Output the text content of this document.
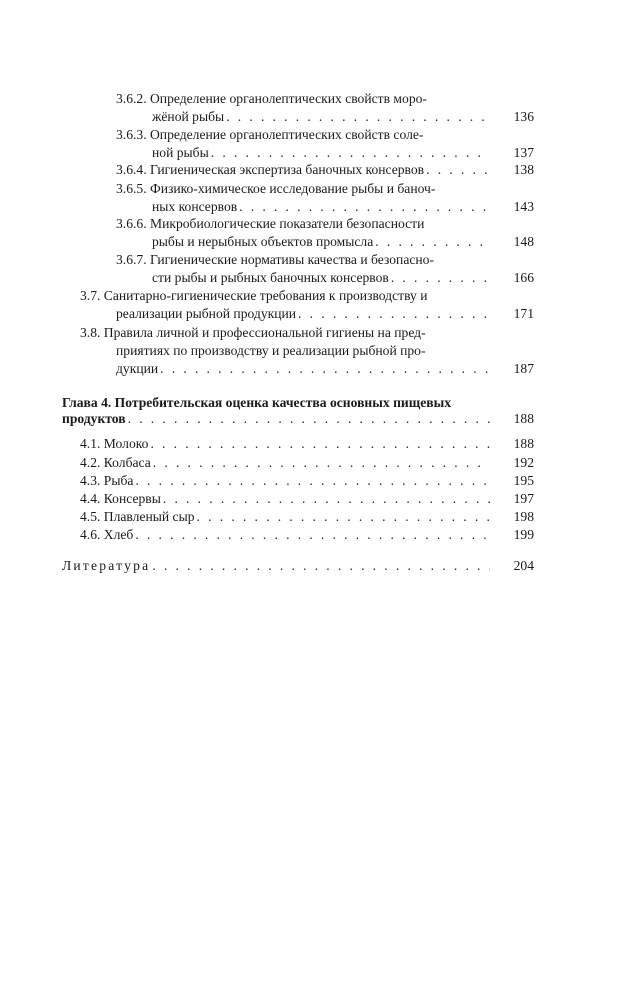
3.6.2. Определение органолептических свойств моро-
жёной рыбы . . .	136
3.6.3. Определение органолептических свойств соле-
ной рыбы . . .	137
3.6.4. Гигиеническая экспертиза баночных консервов . . .	138
3.6.5. Физико-химическое исследование рыбы и баноч-
ных консервов . . .	143
3.6.6. Микробиологические показатели безопасности
рыбы и нерыбных объектов промысла . . .	148
3.6.7. Гигиенические нормативы качества и безопасно-
сти рыбы и рыбных баночных консервов . . .	166
3.7. Санитарно-гигиенические требования к производству и
реализации рыбной продукции . . .	171
3.8. Правила личной и профессиональной гигиены на пред-
приятиях по производству и реализации рыбной про-
дукции . . .	187
Глава 4. Потребительская оценка качества основных пищевых
продуктов . . .	188
4.1. Молоко . . .	188
4.2. Колбаса . . .	192
4.3. Рыба . . .	195
4.4. Консервы . . .	197
4.5. Плавленый сыр . . .	198
4.6. Хлеб . . .	199
Литература . . .	204
